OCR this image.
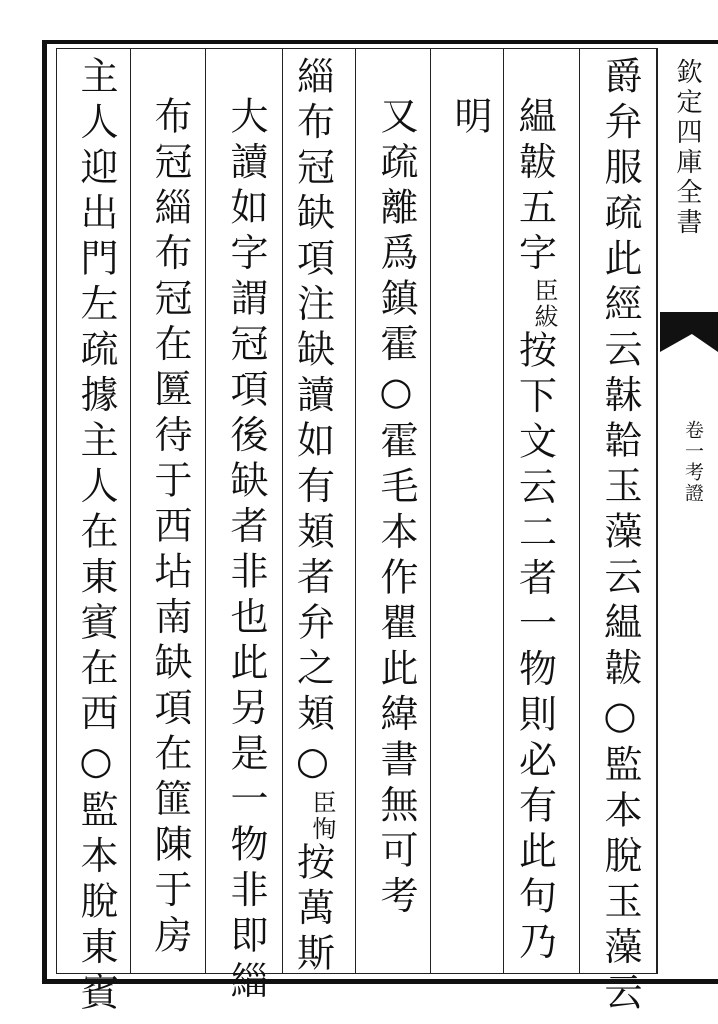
欽定四庫全書
卷一考證
爵弁服疏此經云韎韐玉藻云緼韍○監本脫玉藻云
緼韍五字臣紱按下文云二者一物則必有此句乃
明
又疏離爲鎮霍○霍毛本作瞿此緯書無可考
緇布冠缺項注缺讀如有頍者弁之頍○臣恂按萬斯
大讀如字謂冠項後缺者非也此另是一物非即緇
布冠緇布冠在匴待于西坫南缺項在篚陳于房
主人迎出門左疏據主人在東賓在西○監本脫東賓
